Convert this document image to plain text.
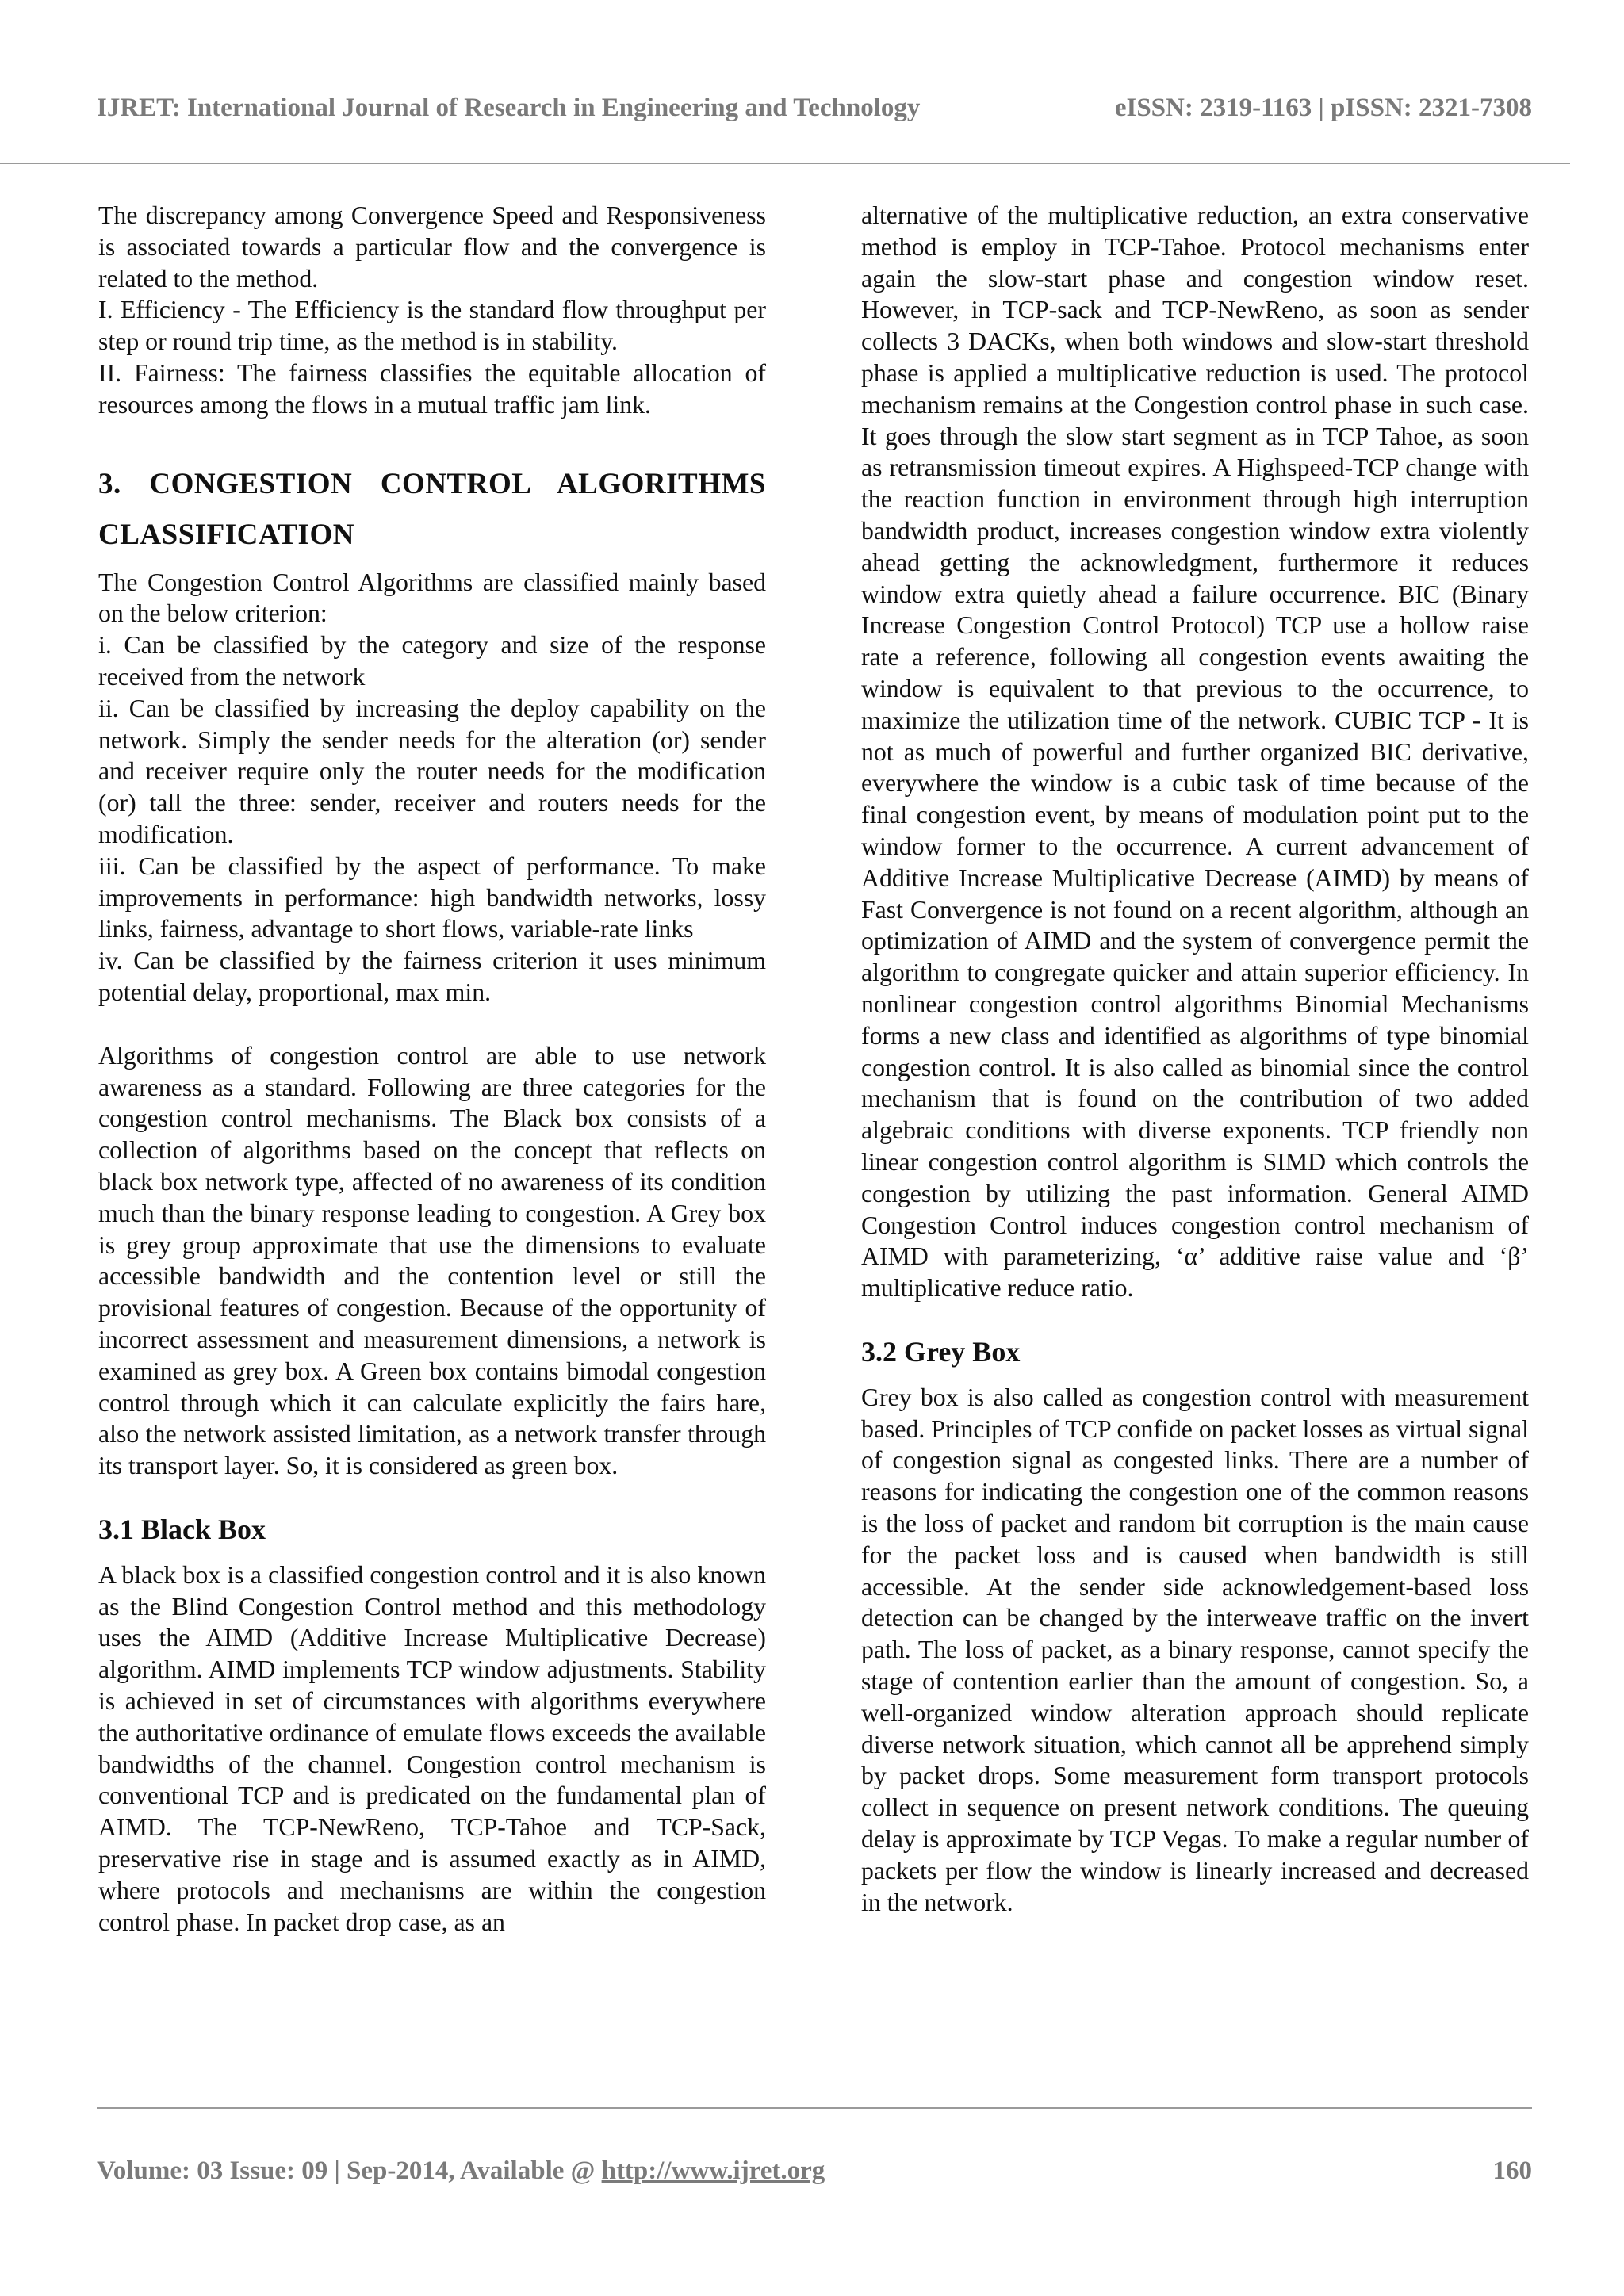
IJRET: International Journal of Research in Engineering and Technology	eISSN: 2319-1163 | pISSN: 2321-7308

The discrepancy among Convergence Speed and Responsiveness is associated towards a particular flow and the convergence is related to the method.

I. Efficiency - The Efficiency is the standard flow throughput per step or round trip time, as the method is in stability.

II. Fairness: The fairness classifies the equitable allocation of resources among the flows in a mutual traffic jam link.

3. CONGESTION CONTROL ALGORITHMS
CLASSIFICATION

The Congestion Control Algorithms are classified mainly based on the below criterion:

i. Can be classified by the category and size of the response received from the network

ii. Can be classified by increasing the deploy capability on the network. Simply the sender needs for the alteration (or) sender and receiver require only the router needs for the modification (or) tall the three: sender, receiver and routers needs for the modification.

iii. Can be classified by the aspect of performance. To make improvements in performance: high bandwidth networks, lossy links, fairness, advantage to short flows, variable-rate links

iv. Can be classified by the fairness criterion it uses minimum potential delay, proportional, max min.

Algorithms of congestion control are able to use network awareness as a standard. Following are three categories for the congestion control mechanisms. The Black box consists of a collection of algorithms based on the concept that reflects on black box network type, affected of no awareness of its condition much than the binary response leading to congestion. A Grey box is grey group approximate that use the dimensions to evaluate accessible bandwidth and the contention level or still the provisional features of congestion. Because of the opportunity of incorrect assessment and measurement dimensions, a network is examined as grey box. A Green box contains bimodal congestion control through which it can calculate explicitly the fairs hare, also the network assisted limitation, as a network transfer through its transport layer. So, it is considered as green box.

3.1 Black Box

A black box is a classified congestion control and it is also known as the Blind Congestion Control method and this methodology uses the AIMD (Additive Increase Multiplicative Decrease) algorithm. AIMD implements TCP window adjustments. Stability is achieved in set of circumstances with algorithms everywhere the authoritative ordinance of emulate flows exceeds the available bandwidths of the channel. Congestion control mechanism is conventional TCP and is predicated on the fundamental plan of AIMD. The TCP-NewReno, TCP-Tahoe and TCP-Sack, preservative rise in stage and is assumed exactly as in AIMD, where protocols and mechanisms are within the congestion control phase. In packet drop case, as an

alternative of the multiplicative reduction, an extra conservative method is employ in TCP-Tahoe. Protocol mechanisms enter again the slow-start phase and congestion window reset. However, in TCP-sack and TCP-NewReno, as soon as sender collects 3 DACKs, when both windows and slow-start threshold phase is applied a multiplicative reduction is used. The protocol mechanism remains at the Congestion control phase in such case. It goes through the slow start segment as in TCP Tahoe, as soon as retransmission timeout expires. A Highspeed-TCP change with the reaction function in environment through high interruption bandwidth product, increases congestion window extra violently ahead getting the acknowledgment, furthermore it reduces window extra quietly ahead a failure occurrence. BIC (Binary Increase Congestion Control Protocol) TCP use a hollow raise rate a reference, following all congestion events awaiting the window is equivalent to that previous to the occurrence, to maximize the utilization time of the network. CUBIC TCP - It is not as much of powerful and further organized BIC derivative, everywhere the window is a cubic task of time because of the final congestion event, by means of modulation point put to the window former to the occurrence. A current advancement of Additive Increase Multiplicative Decrease (AIMD) by means of Fast Convergence is not found on a recent algorithm, although an optimization of AIMD and the system of convergence permit the algorithm to congregate quicker and attain superior efficiency. In nonlinear congestion control algorithms Binomial Mechanisms forms a new class and identified as algorithms of type binomial congestion control. It is also called as binomial since the control mechanism that is found on the contribution of two added algebraic conditions with diverse exponents. TCP friendly non linear congestion control algorithm is SIMD which controls the congestion by utilizing the past information. General AIMD Congestion Control induces congestion control mechanism of AIMD with parameterizing, ‘α’ additive raise value and ‘β’ multiplicative reduce ratio.

3.2 Grey Box

Grey box is also called as congestion control with measurement based. Principles of TCP confide on packet losses as virtual signal of congestion signal as congested links. There are a number of reasons for indicating the congestion one of the common reasons is the loss of packet and random bit corruption is the main cause for the packet loss and is caused when bandwidth is still accessible. At the sender side acknowledgement-based loss detection can be changed by the interweave traffic on the invert path. The loss of packet, as a binary response, cannot specify the stage of contention earlier than the amount of congestion. So, a well-organized window alteration approach should replicate diverse network situation, which cannot all be apprehend simply by packet drops. Some measurement form transport protocols collect in sequence on present network conditions. The queuing delay is approximate by TCP Vegas. To make a regular number of packets per flow the window is linearly increased and decreased in the network.

Volume: 03 Issue: 09 | Sep-2014, Available @ http://www.ijret.org	160
